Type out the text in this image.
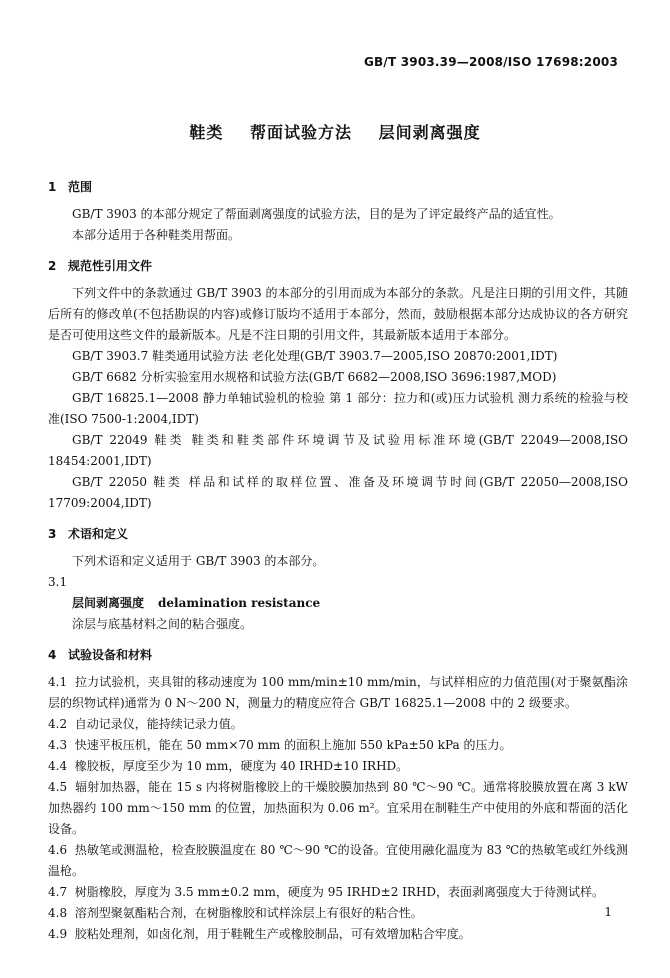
GB/T 3903.39—2008/ISO 17698:2003
鞋类 帮面试验方法 层间剥离强度
1 范围

GB/T 3903 的本部分规定了帮面剥离强度的试验方法，目的是为了评定最终产品的适宜性。

本部分适用于各种鞋类用帮面。

2 规范性引用文件

下列文件中的条款通过 GB/T 3903 的本部分的引用而成为本部分的条款。凡是注日期的引用文件，其随后所有的修改单(不包括勘误的内容)或修订版均不适用于本部分，然而，鼓励根据本部分达成协议的各方研究是否可使用这些文件的最新版本。凡是不注日期的引用文件，其最新版本适用于本部分。

GB/T 3903.7 鞋类通用试验方法 老化处理(GB/T 3903.7—2005,ISO 20870:2001,IDT)

GB/T 6682 分析实验室用水规格和试验方法(GB/T 6682—2008,ISO 3696:1987,MOD)

GB/T 16825.1—2008 静力单轴试验机的检验 第 1 部分：拉力和(或)压力试验机 测力系统的检验与校准(ISO 7500-1:2004,IDT)

GB/T 22049 鞋类 鞋类和鞋类部件环境调节及试验用标准环境(GB/T 22049—2008,ISO 18454:2001,IDT)

GB/T 22050 鞋类 样品和试样的取样位置、准备及环境调节时间(GB/T 22050—2008,ISO 17709:2004,IDT)

3 术语和定义

下列术语和定义适用于 GB/T 3903 的本部分。

3.1

层间剥离强度 delamination resistance

涂层与底基材料之间的粘合强度。

4 试验设备和材料

4.1 拉力试验机，夹具钳的移动速度为 100 mm/min±10 mm/min，与试样相应的力值范围(对于聚氨酯涂层的织物试样)通常为 0 N～200 N，测量力的精度应符合 GB/T 16825.1—2008 中的 2 级要求。

4.2 自动记录仪，能持续记录力值。

4.3 快速平板压机，能在 50 mm×70 mm 的面积上施加 550 kPa±50 kPa 的压力。

4.4 橡胶板，厚度至少为 10 mm，硬度为 40 IRHD±10 IRHD。

4.5 辐射加热器，能在 15 s 内将树脂橡胶上的干燥胶膜加热到 80 ℃～90 ℃。通常将胶膜放置在离 3 kW加热器约 100 mm～150 mm 的位置，加热面积为 0.06 m²。宜采用在制鞋生产中使用的外底和帮面的活化设备。

4.6 热敏笔或测温枪，检查胶膜温度在 80 ℃～90 ℃的设备。宜使用融化温度为 83 ℃的热敏笔或红外线测温枪。

4.7 树脂橡胶，厚度为 3.5 mm±0.2 mm，硬度为 95 IRHD±2 IRHD，表面剥离强度大于待测试样。

4.8 溶剂型聚氨酯粘合剂，在树脂橡胶和试样涂层上有很好的粘合性。

4.9 胶粘处理剂，如卤化剂，用于鞋靴生产或橡胶制品，可有效增加粘合牢度。

1
